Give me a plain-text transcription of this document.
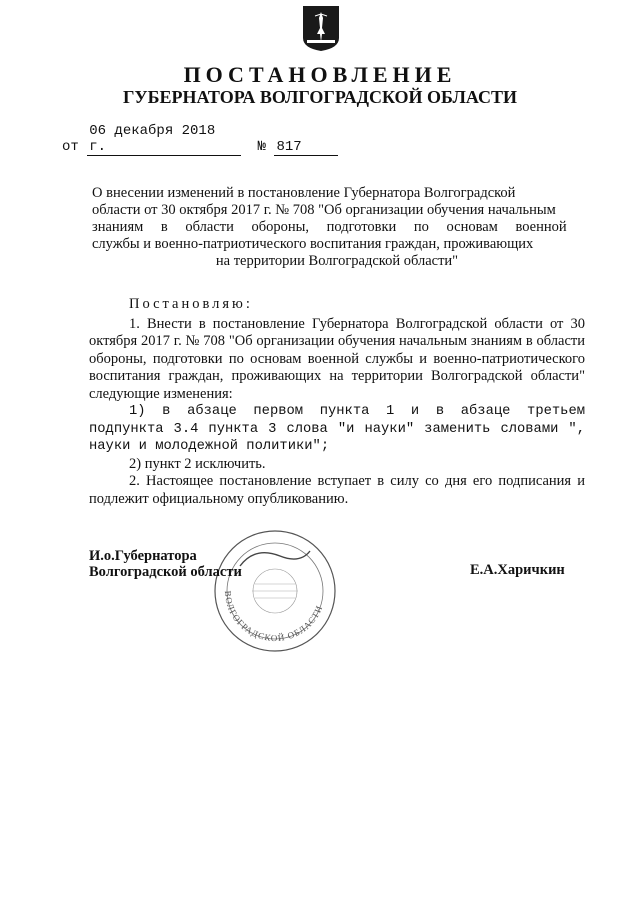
ПОСТАНОВЛЕНИЕ
ГУБЕРНАТОРА ВОЛГОГРАДСКОЙ ОБЛАСТИ
от 06 декабря 2018 г.	№ 817
О внесении изменений в постановление Губернатора Волгоградской
области от 30 октября 2017 г. № 708 "Об организации обучения начальным
знаниям в области обороны, подготовки по основам военной
службы и военно-патриотического воспитания граждан, проживающих
на территории Волгоградской области"

Постановляю:

1. Внести в постановление Губернатора Волгоградской области от 30 октября 2017 г. № 708 "Об организации обучения начальным знаниям в области обороны, подготовки по основам военной службы и военно-патриотического воспитания граждан, проживающих на территории Волгоградской области" следующие изменения:

1) в абзаце первом пункта 1 и в абзаце третьем подпункта 3.4 пункта 3 слова "и науки" заменить словами ", науки и молодежной политики";

2) пункт 2 исключить.

2. Настоящее постановление вступает в силу со дня его подписания и подлежит официальному опубликованию.

ВОЛГОГРАДСКОЙ ОБЛАСТИ
И.о.Губернатора
Волгоградской области	Е.А.Харичкин
